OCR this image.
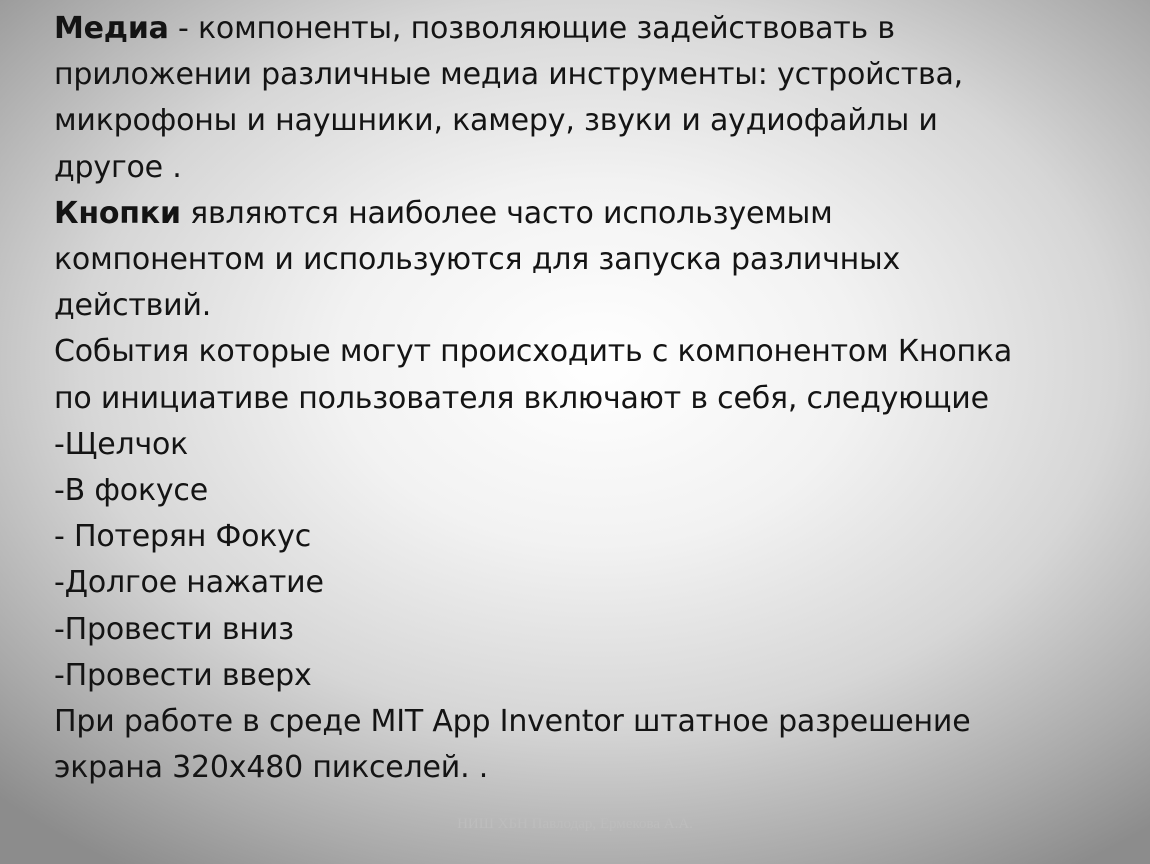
Медиа - компоненты, позволяющие задействовать в

приложении различные медиа инструменты: устройства,

микрофоны и наушники, камеру, звуки и аудиофайлы и

другое .

Кнопки являются наиболее часто используемым

компонентом и используются для запуска различных

действий.

События которые могут происходить с компонентом Кнопка

по инициативе пользователя включают в себя, следующие

-Щелчок

-В фокусе

- Потерян Фокус

-Долгое нажатие

-Провести вниз

-Провести вверх

При работе в среде MIT App Inventor штатное разрешение

экрана 320x480 пикселей. .

НИШ ХБН Павлодар, Ермекова А.А.
